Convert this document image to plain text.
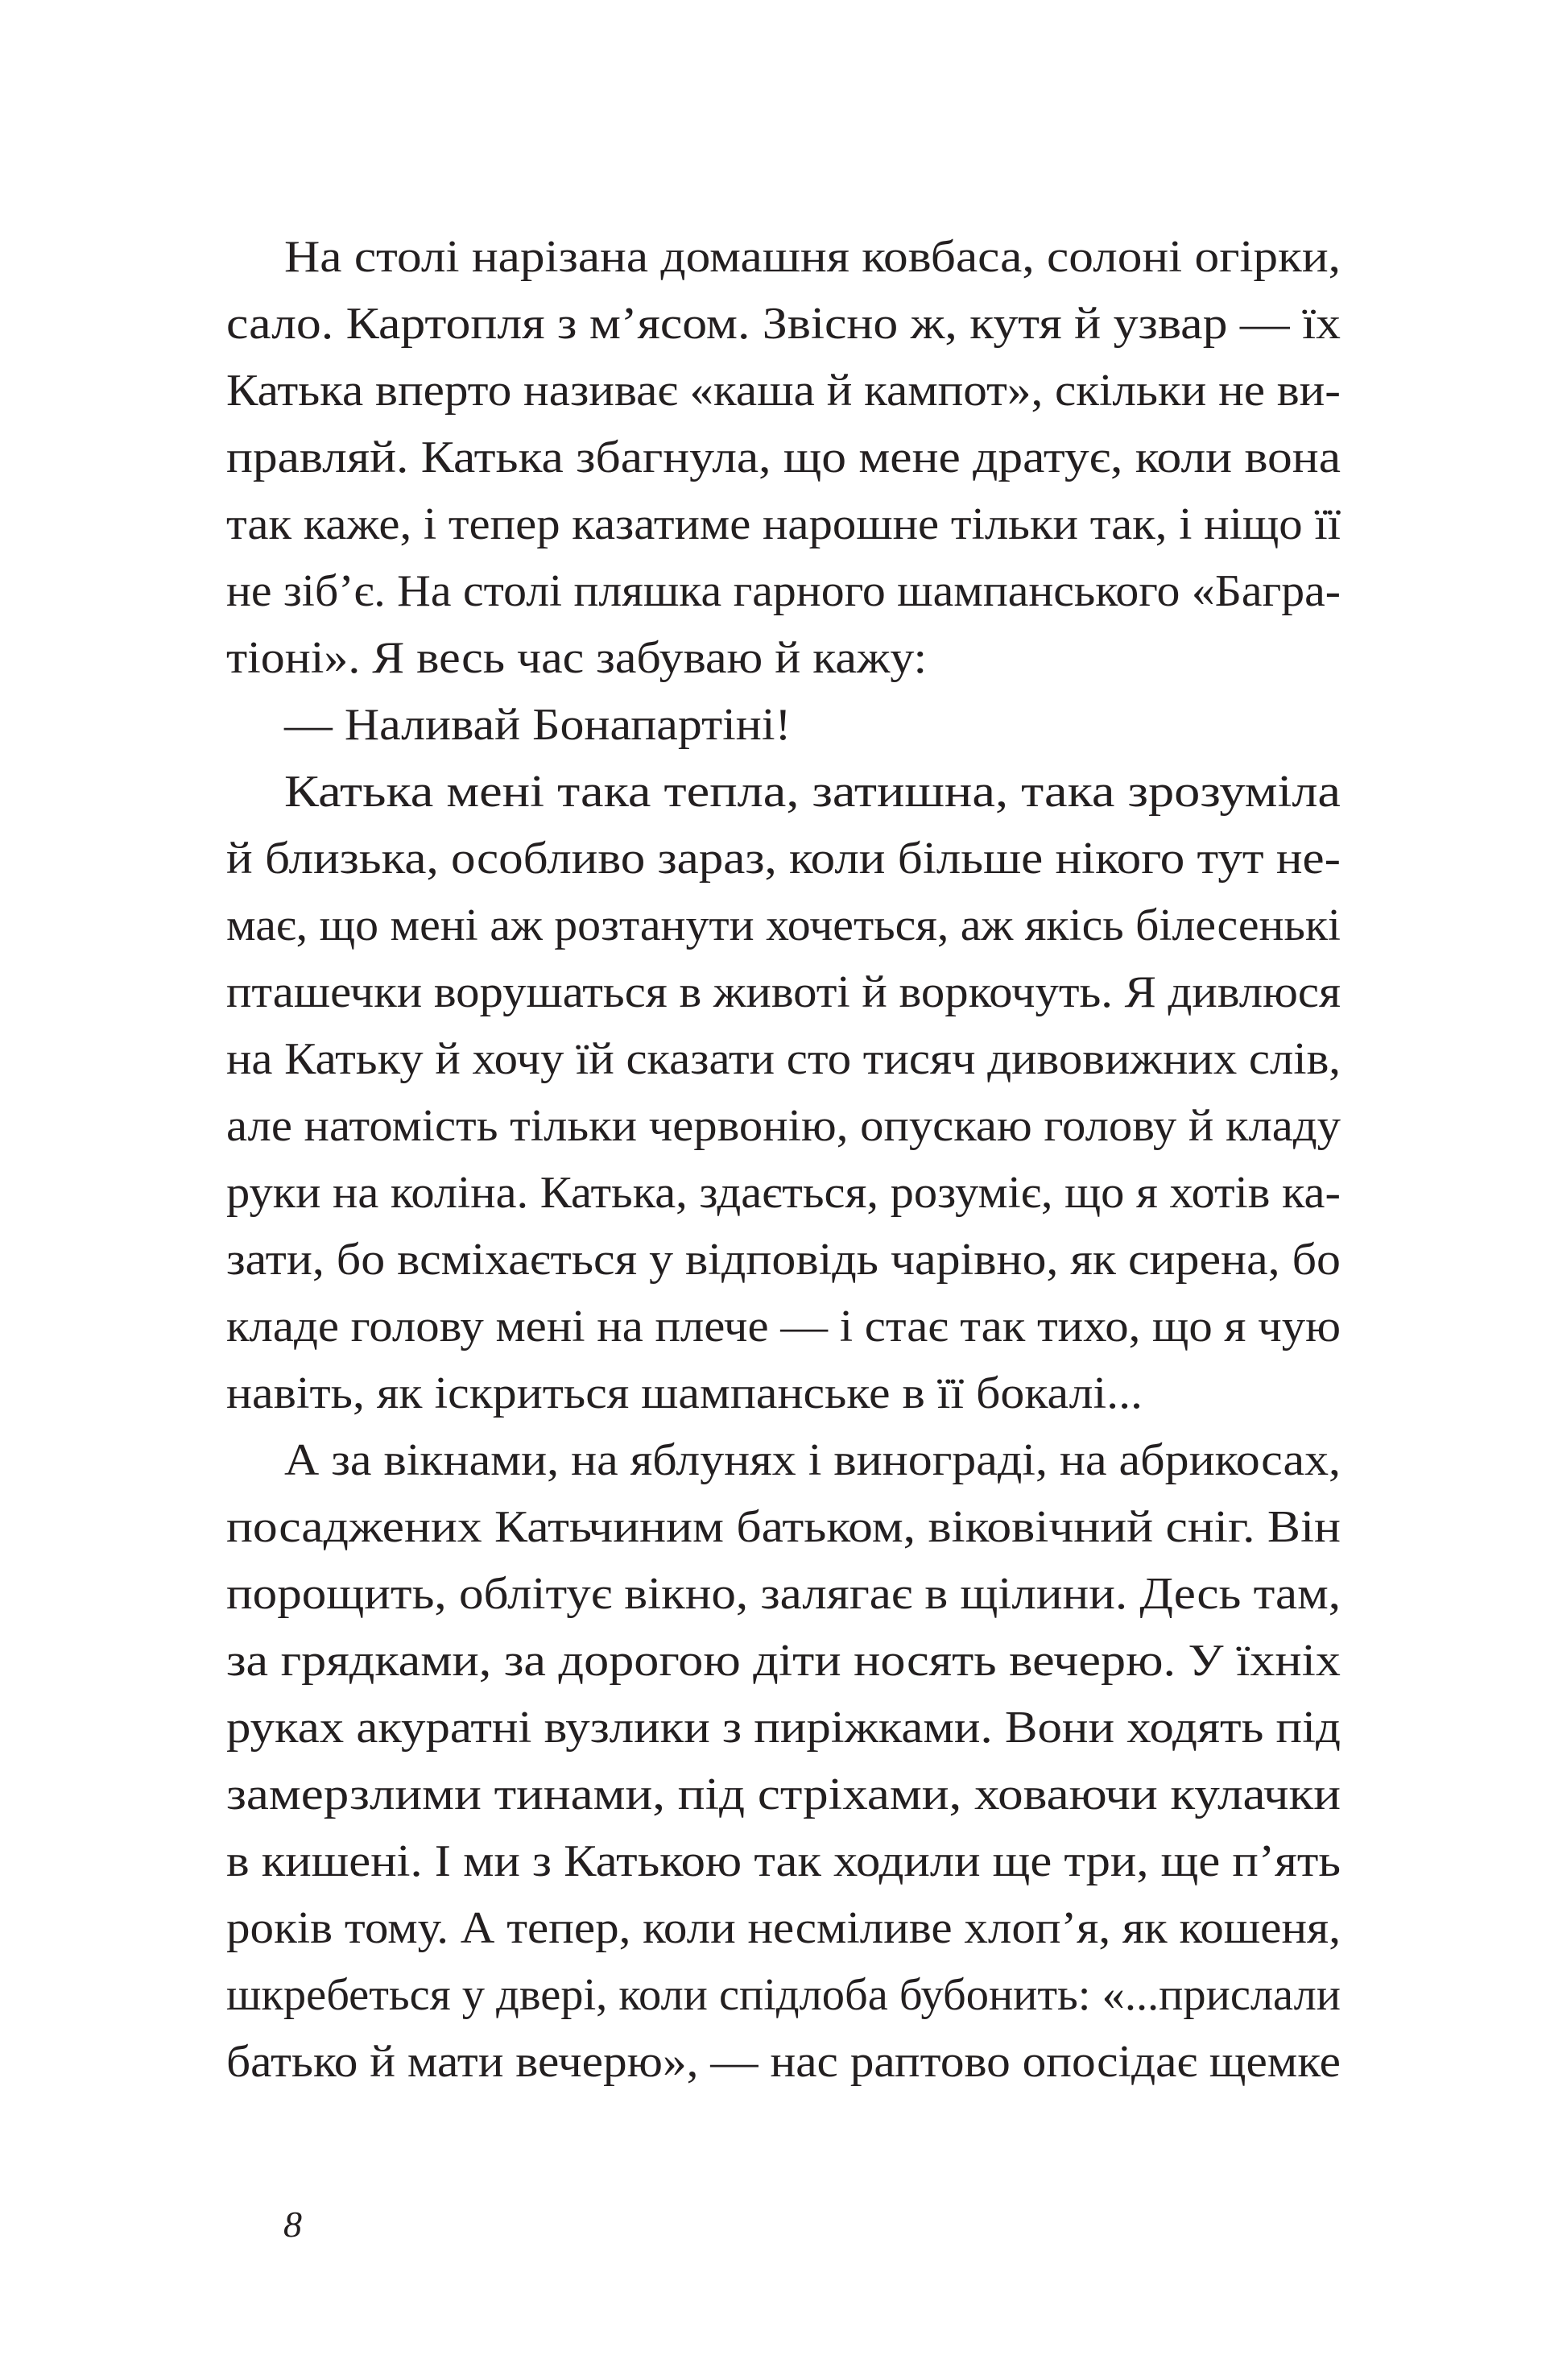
На столі нарізана домашня ковбаса, солоні огірки,
сало. Картопля з м’ясом. Звісно ж, кутя й узвар — їх
Катька вперто називає «каша й кампот», скільки не ви-
правляй. Катька збагнула, що мене дратує, коли вона
так каже, і тепер казатиме нарошне тільки так, і ніщо її
не зіб’є. На столі пляшка гарного шампанського «Багра-
тіоні». Я весь час забуваю й кажу:
— Наливай Бонапартіні!
Катька мені така тепла, затишна, така зрозуміла
й близька, особливо зараз, коли більше нікого тут не-
має, що мені аж розтанути хочеться, аж якісь білесенькі
пташечки ворушаться в животі й воркочуть. Я дивлюся
на Катьку й хочу їй сказати сто тисяч дивовижних слів,
але натомість тільки червонію, опускаю голову й кладу
руки на коліна. Катька, здається, розуміє, що я хотів ка-
зати, бо всміхається у відповідь чарівно, як сирена, бо
кладе голову мені на плече — і стає так тихо, що я чую
навіть, як іскриться шампанське в її бокалі...
А за вікнами, на яблунях і винограді, на абрикосах,
посаджених Катьчиним батьком, віковічний сніг. Він
порощить, облітує вікно, залягає в щілини. Десь там,
за грядками, за дорогою діти носять вечерю. У їхніх
руках акуратні вузлики з пиріжками. Вони ходять під
замерзлими тинами, під стріхами, ховаючи кулачки
в кишені. І ми з Катькою так ходили ще три, ще п’ять
років тому. А тепер, коли несміливе хлоп’я, як кошеня,
шкребеться у двері, коли спідлоба бубонить: «...прислали
батько й мати вечерю», — нас раптово опосідає щемке
8
